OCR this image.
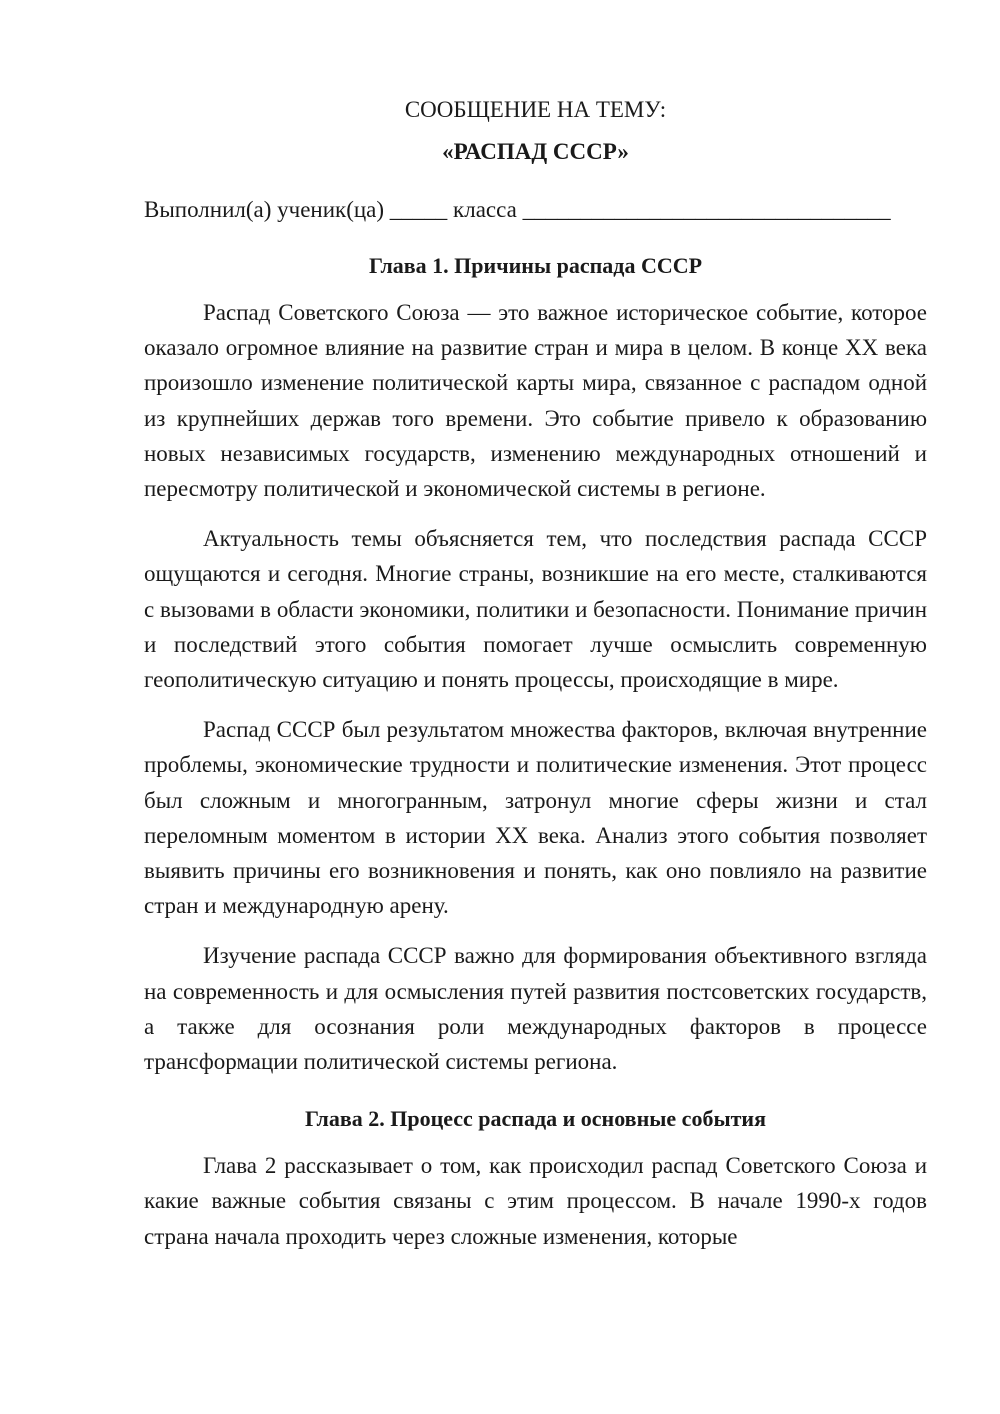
СООБЩЕНИЕ НА ТЕМУ:

«РАСПАД СССР»

Выполнил(а) ученик(ца) _____ класса ________________________________

Глава 1. Причины распада СССР

Распад Советского Союза — это важное историческое событие, которое оказало огромное влияние на развитие стран и мира в целом. В конце XX века произошло изменение политической карты мира, связанное с распадом одной из крупнейших держав того времени. Это событие привело к образованию новых независимых государств, изменению международных отношений и пересмотру политической и экономической системы в регионе.

Актуальность темы объясняется тем, что последствия распада СССР ощущаются и сегодня. Многие страны, возникшие на его месте, сталкиваются с вызовами в области экономики, политики и безопасности. Понимание причин и последствий этого события помогает лучше осмыслить современную геополитическую ситуацию и понять процессы, происходящие в мире.

Распад СССР был результатом множества факторов, включая внутренние проблемы, экономические трудности и политические изменения. Этот процесс был сложным и многогранным, затронул многие сферы жизни и стал переломным моментом в истории XX века. Анализ этого события позволяет выявить причины его возникновения и понять, как оно повлияло на развитие стран и международную арену.

Изучение распада СССР важно для формирования объективного взгляда на современность и для осмысления путей развития постсоветских государств, а также для осознания роли международных факторов в процессе трансформации политической системы региона.

Глава 2. Процесс распада и основные события

Глава 2 рассказывает о том, как происходил распад Советского Союза и какие важные события связаны с этим процессом. В начале 1990-х годов страна начала проходить через сложные изменения, которые
